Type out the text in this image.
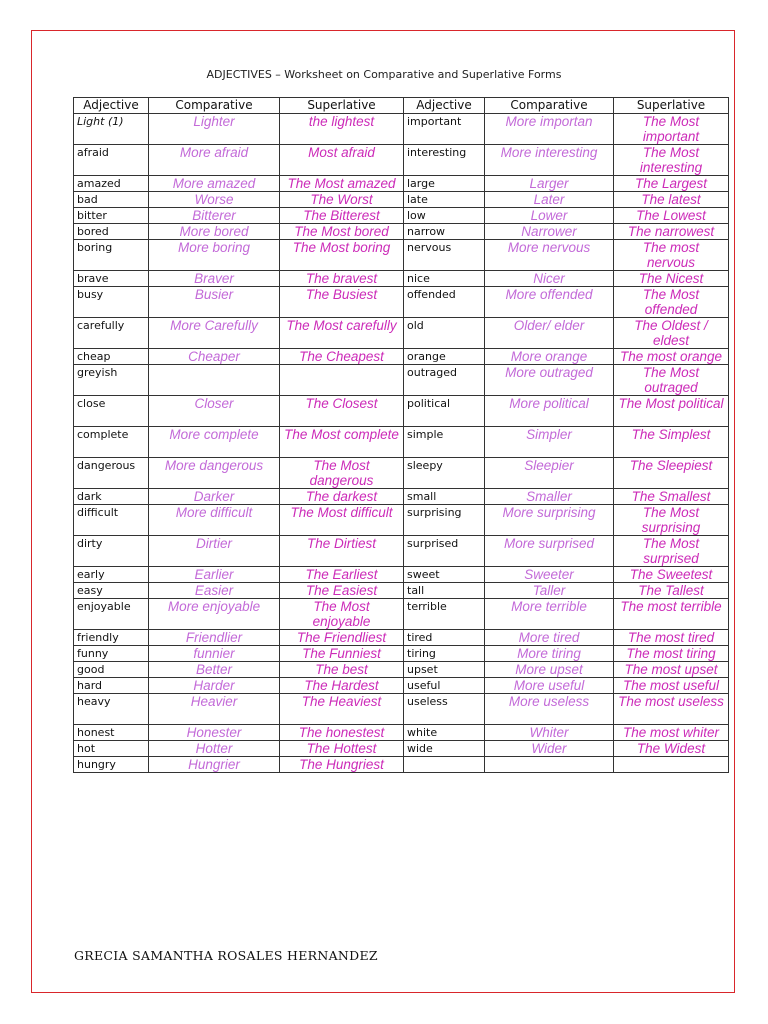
ADJECTIVES – Worksheet on Comparative and Superlative Forms
Adjective	Comparative	Superlative	Adjective	Comparative	Superlative
Light (1)	Lighter	the lightest	important	More importan	The Most important
afraid	More afraid	Most afraid	interesting	More interesting	The Most interesting
amazed	More amazed	The Most amazed	large	Larger	The Largest
bad	Worse	The Worst	late	Later	The latest
bitter	Bitterer	The Bitterest	low	Lower	The Lowest
bored	More bored	The Most bored	narrow	Narrower	The narrowest
boring	More boring	The Most boring	nervous	More nervous	The most nervous
brave	Braver	The bravest	nice	Nicer	The Nicest
busy	Busier	The Busiest	offended	More offended	The Most offended
carefully	More Carefully	The Most carefully	old	Older/ elder	The Oldest / eldest
cheap	Cheaper	The Cheapest	orange	More orange	The most orange
greyish			outraged	More outraged	The Most outraged
close	Closer	The Closest	political	More political	The Most political
complete	More complete	The Most complete	simple	Simpler	The Simplest
dangerous	More dangerous	The Most dangerous	sleepy	Sleepier	The Sleepiest
dark	Darker	The darkest	small	Smaller	The Smallest
difficult	More difficult	The Most difficult	surprising	More surprising	The Most surprising
dirty	Dirtier	The Dirtiest	surprised	More surprised	The Most surprised
early	Earlier	The Earliest	sweet	Sweeter	The Sweetest
easy	Easier	The Easiest	tall	Taller	The Tallest
enjoyable	More enjoyable	The Most enjoyable	terrible	More terrible	The most terrible
friendly	Friendlier	The Friendliest	tired	More tired	The most tired
funny	funnier	The Funniest	tiring	More tiring	The most tiring
good	Better	The best	upset	More upset	The most upset
hard	Harder	The Hardest	useful	More useful	The most useful
heavy	Heavier	The Heaviest	useless	More useless	The most useless
honest	Honester	The honestest	white	Whiter	The most whiter
hot	Hotter	The Hottest	wide	Wider	The Widest
hungry	Hungrier	The Hungriest			
GRECIA SAMANTHA ROSALES HERNANDEZ
